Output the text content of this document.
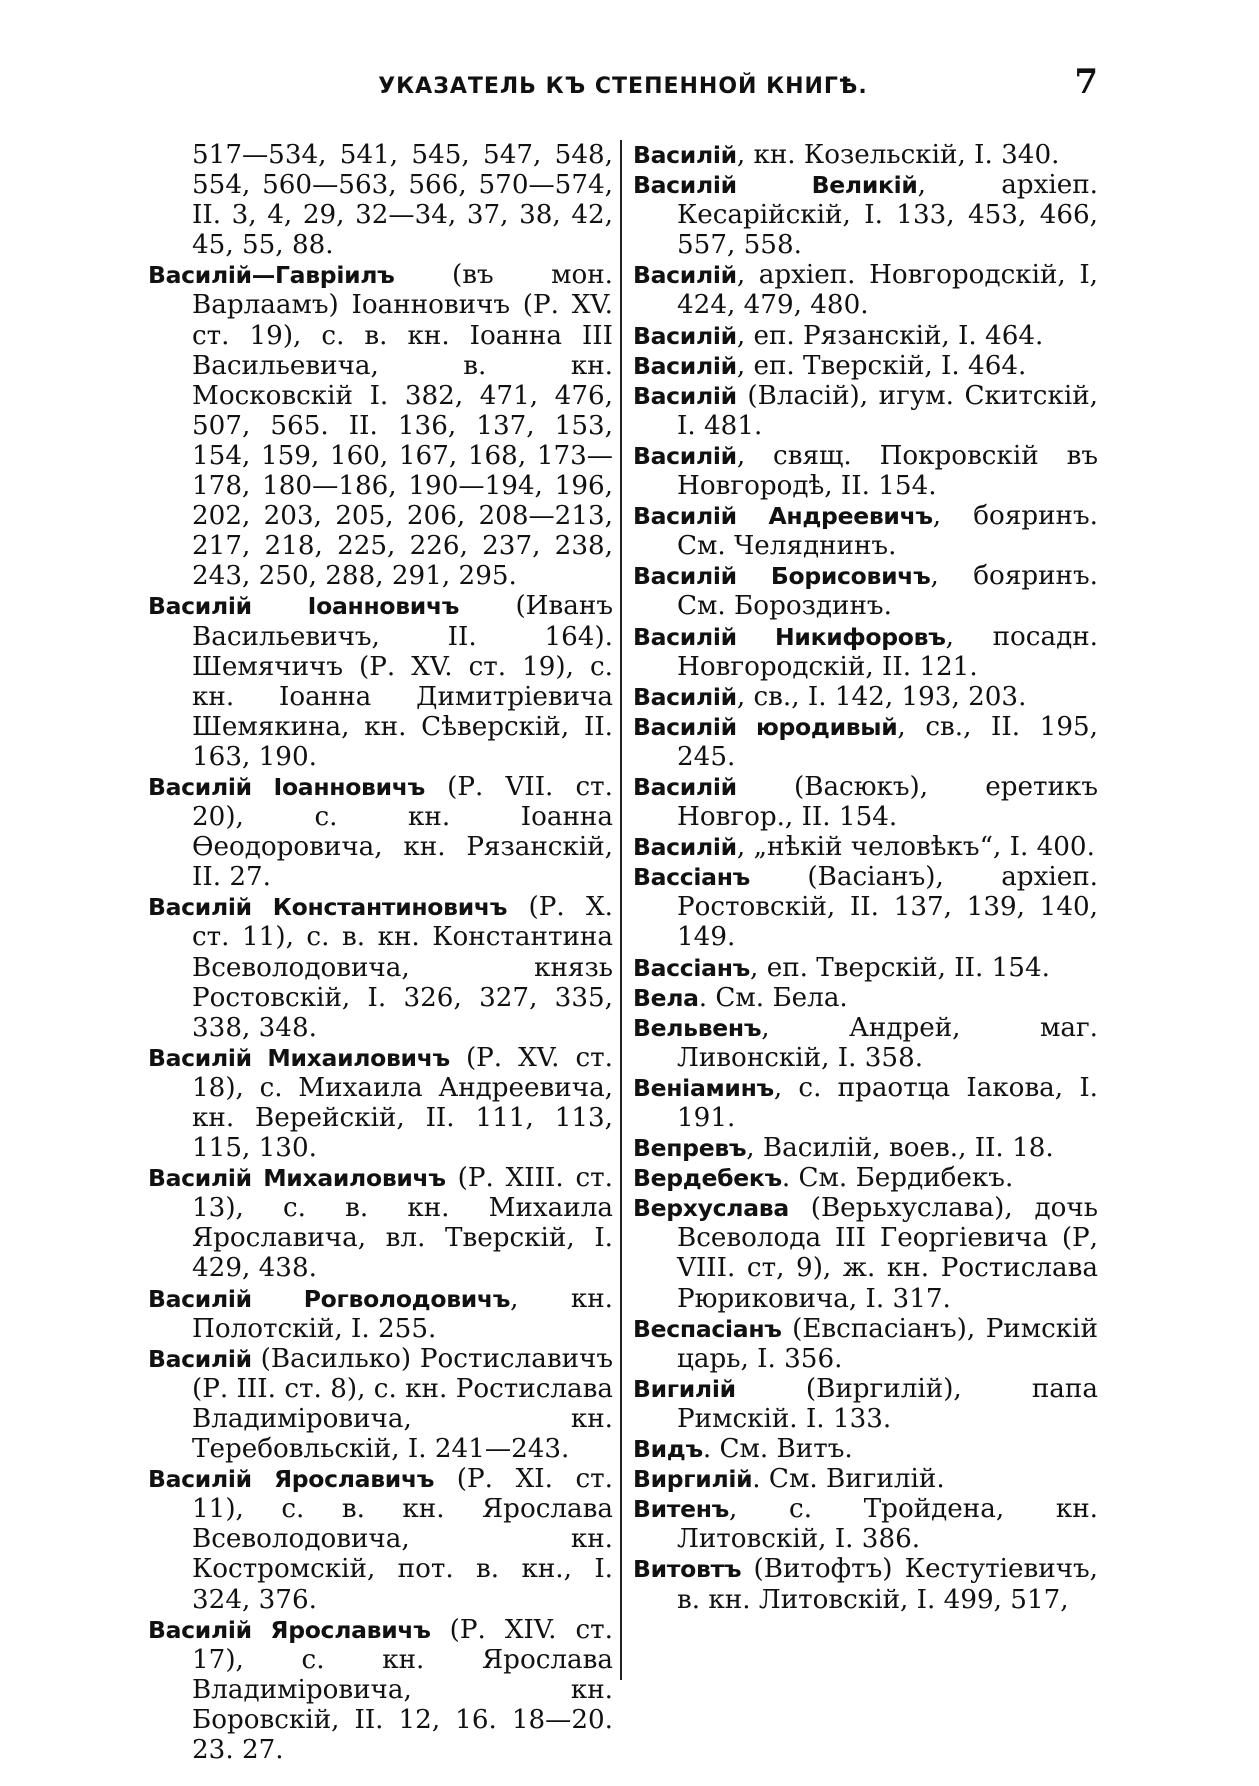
УКАЗАТЕЛЬ КЪ СТЕПЕННОЙ КНИГѢ.	7

517—534, 541, 545, 547, 548, 554, 560—563, 566, 570—574, II. 3, 4, 29, 32—34, 37, 38, 42, 45, 55, 88.

Василій—Гавріилъ (въ мон. Варлаамъ) Іоанновичъ (Р. XV. ст. 19), с. в. кн. Іоанна III Васильевича, в. кн. Московскій I. 382, 471, 476, 507, 565. II. 136, 137, 153, 154, 159, 160, 167, 168, 173—178, 180—186, 190—194, 196, 202, 203, 205, 206, 208—213, 217, 218, 225, 226, 237, 238, 243, 250, 288, 291, 295.

Василій Іоанновичъ (Иванъ Васильевичъ, II. 164). Шемячичъ (Р. XV. ст. 19), с. кн. Іоанна Димитріевича Шемякина, кн. Сѣверскій, II. 163, 190.

Василій Іоанновичъ (Р. VII. ст. 20), с. кн. Іоанна Өеодоровича, кн. Рязанскій, II. 27.

Василій Константиновичъ (Р. X. ст. 11), с. в. кн. Константина Всеволодовича, князь Ростовскій, I. 326, 327, 335, 338, 348.

Василій Михаиловичъ (Р. XV. ст. 18), с. Михаила Андреевича, кн. Верейскій, II. 111, 113, 115, 130.

Василій Михаиловичъ (Р. XIII. ст. 13), с. в. кн. Михаила Ярославича, вл. Тверскій, I. 429, 438.

Василій Рогволодовичъ, кн. Полотскій, I. 255.

Василій (Василько) Ростиславичъ (Р. III. ст. 8), с. кн. Ростислава Владиміровича, кн. Теребовльскій, I. 241—243.

Василій Ярославичъ (Р. XI. ст. 11), с. в. кн. Ярослава Всеволодовича, кн. Костромскій, пот. в. кн., I. 324, 376.

Василій Ярославичъ (Р. XIV. ст. 17), с. кн. Ярослава Владиміровича, кн. Боровскій, II. 12, 16. 18—20. 23. 27.

Василій, кн. Козельскій, I. 340.

Василій Великій, архіеп. Кесарійскій, I. 133, 453, 466, 557, 558.

Василій, архіеп. Новгородскій, I, 424, 479, 480.

Василій, еп. Рязанскій, I. 464.

Василій, еп. Тверскій, I. 464.

Василій (Власій), игум. Скитскій, I. 481.

Василій, свящ. Покровскій въ Новгородѣ, II. 154.

Василій Андреевичъ, бояринъ. См. Челяднинъ.

Василій Борисовичъ, бояринъ. См. Бороздинъ.

Василій Никифоровъ, посадн. Новгородскій, II. 121.

Василій, св., I. 142, 193, 203.

Василій юродивый, св., II. 195, 245.

Василій (Васюкъ), еретикъ Новгор., II. 154.

Василій, „нѣкій человѣкъ“, I. 400.

Вассіанъ (Васіанъ), архіеп. Ростовскій, II. 137, 139, 140, 149.

Вассіанъ, еп. Тверскій, II. 154.

Вела. См. Бела.

Вельвенъ, Андрей, маг. Ливонскій, I. 358.

Веніаминъ, с. праотца Іакова, I. 191.

Вепревъ, Василій, воев., II. 18.

Вердебекъ. См. Бердибекъ.

Верхуслава (Верьхуслава), дочь Всеволода III Георгіевича (Р, VIII. ст, 9), ж. кн. Ростислава Рюриковича, I. 317.

Веспасіанъ (Евспасіанъ), Римскій царь, I. 356.

Вигилій (Виргилій), папа Римскій. I. 133.

Видъ. См. Витъ.

Виргилій. См. Вигилій.

Витенъ, с. Тройдена, кн. Литовскій, I. 386.

Витовтъ (Витофтъ) Кестутіевичъ, в. кн. Литовскій, I. 499, 517,
